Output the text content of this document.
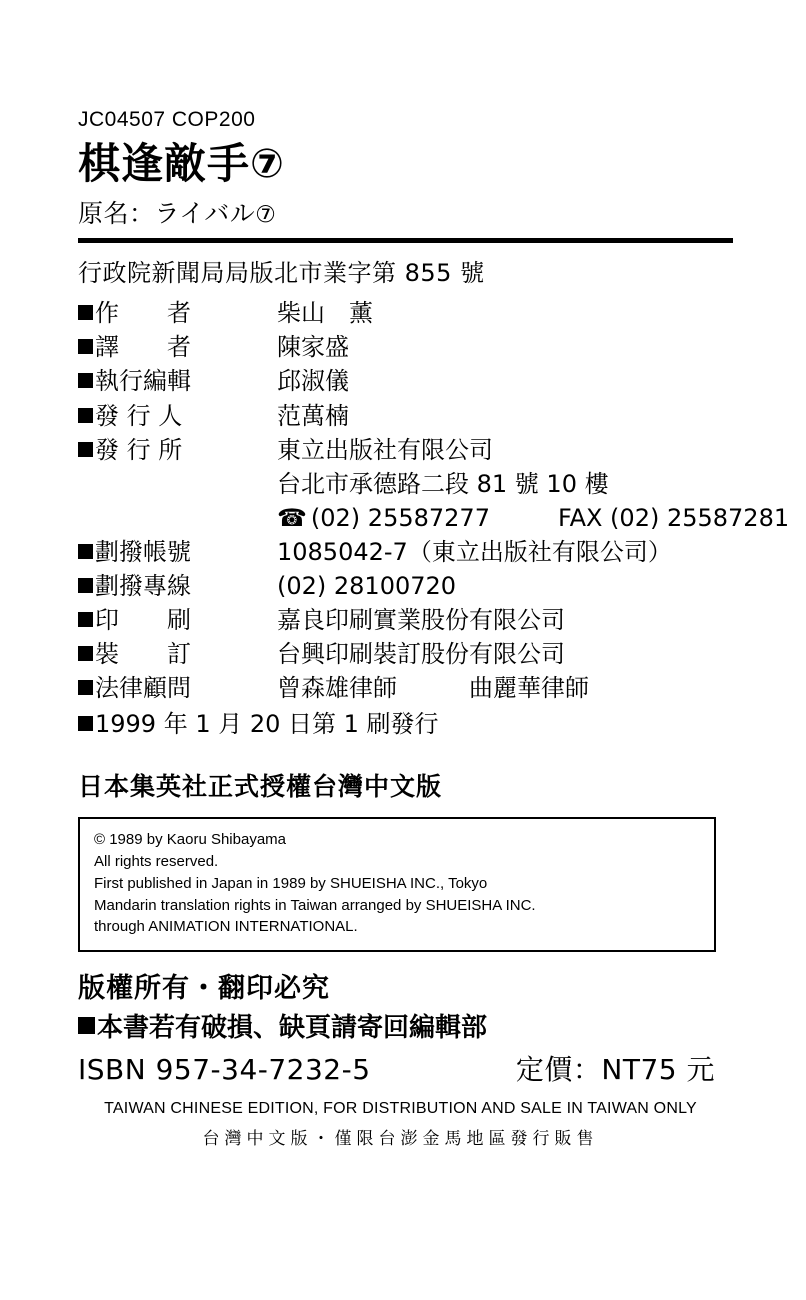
JC04507 COP200
棋逢敵手 ⑦
原名：ライバル⑦
行政院新聞局局版北市業字第 855 號
作　　者	柴山　薰
譯　　者	陳家盛
執行編輯	邱淑儀
發 行 人	范萬楠
發 行 所	東立出版社有限公司
台北市承德路二段 81 號 10 樓
☎ (02) 25587277	FAX (02) 25587281
劃撥帳號	1085042-7（東立出版社有限公司）
劃撥專線	(02) 28100720
印　　刷	嘉良印刷實業股份有限公司
裝　　訂	台興印刷裝訂股份有限公司
法律顧問	曾森雄律師　　　曲麗華律師
1999 年 1 月 20 日第 1 刷發行
日本集英社正式授權台灣中文版
© 1989 by Kaoru Shibayama
All rights reserved.
First published in Japan in 1989 by SHUEISHA INC., Tokyo
Mandarin translation rights in Taiwan arranged by SHUEISHA INC.
through ANIMATION INTERNATIONAL.
版權所有・翻印必究
本書若有破損、缺頁請寄回編輯部
ISBN 957-34-7232-5	定價：NT75 元
TAIWAN CHINESE EDITION, FOR DISTRIBUTION AND SALE IN TAIWAN ONLY
台灣中文版・僅限台澎金馬地區發行販售
